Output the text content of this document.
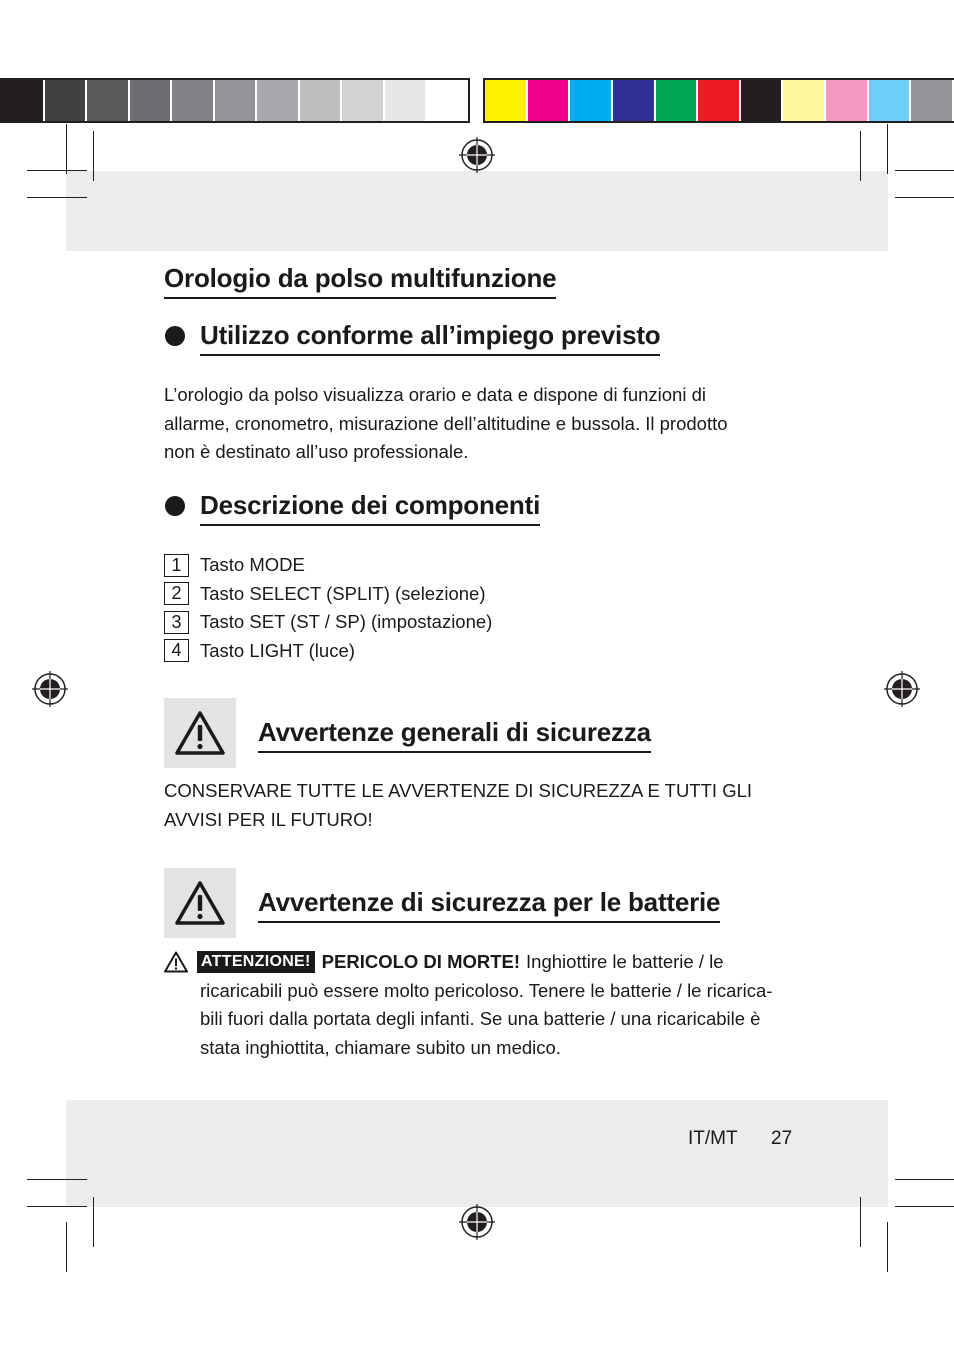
Orologio da polso multifunzione
Utilizzo conforme all’impiego previsto
L’orologio da polso visualizza orario e data e dispone di funzioni di
allarme, cronometro, misurazione dell’altitudine e bussola. Il prodotto
non è destinato all’uso professionale.
Descrizione dei componenti
1	Tasto MODE
2	Tasto SELECT (SPLIT) (selezione)
3	Tasto SET (ST / SP) (impostazione)
4	Tasto LIGHT (luce)
Avvertenze generali di sicurezza
CONSERVARE TUTTE LE AVVERTENZE DI SICUREZZA E TUTTI GLI
AVVISI PER IL FUTURO!
Avvertenze di sicurezza per le batterie
ATTENZIONE! PERICOLO DI MORTE! Inghiottire le batterie / le
ricaricabili può essere molto pericoloso. Tenere le batterie / le ricarica-
bili fuori dalla portata degli infanti. Se una batterie / una ricaricabile è
stata inghiottita, chiamare subito un medico.
IT/MT 27
